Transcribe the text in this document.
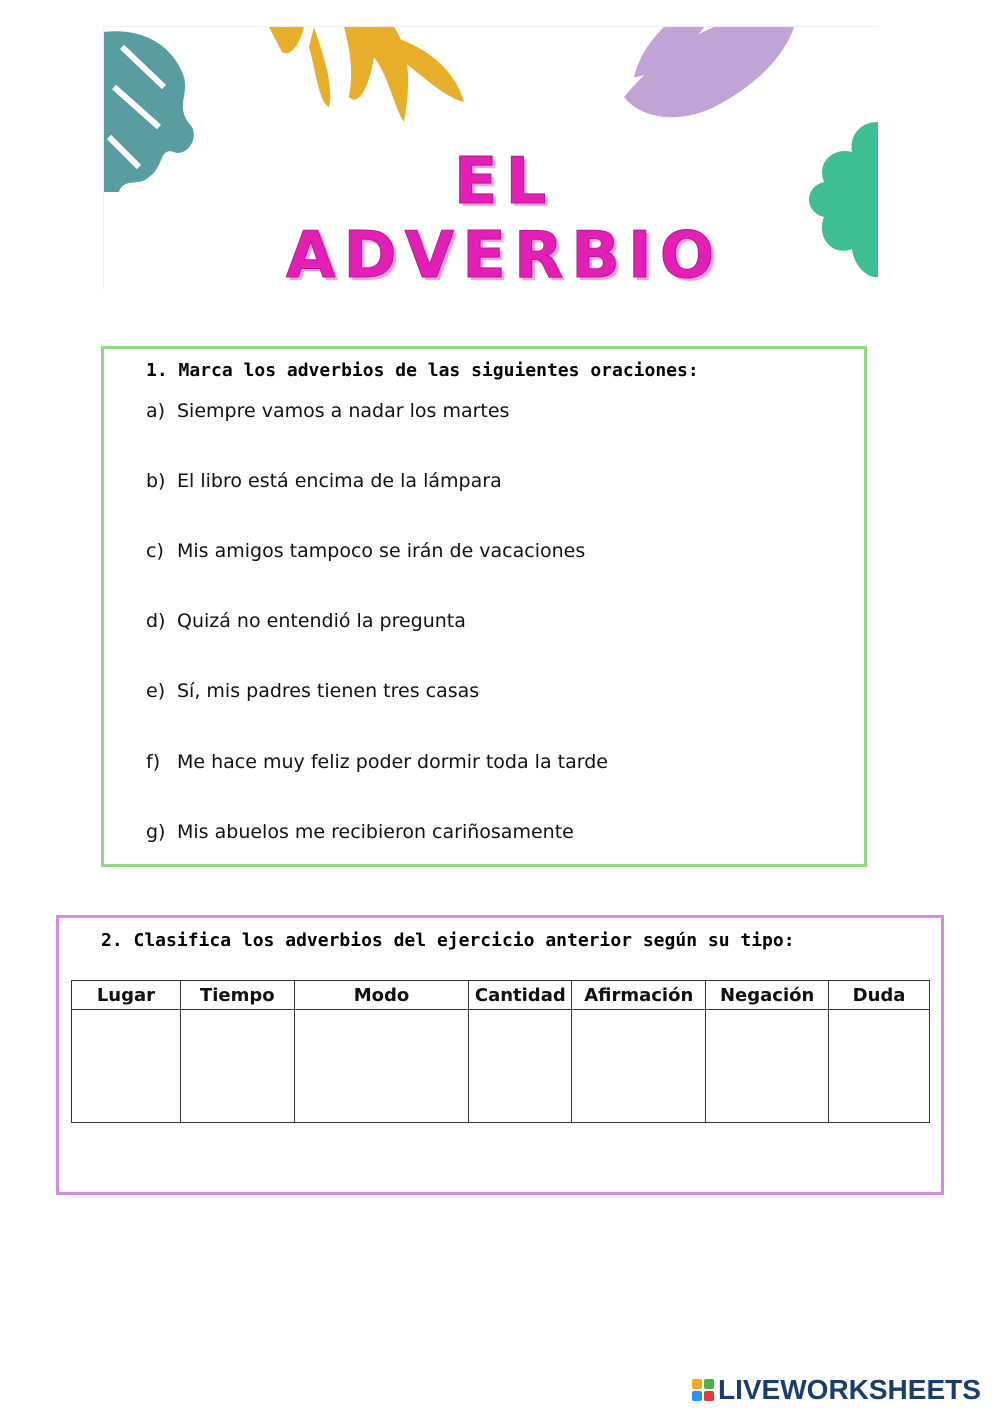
EL ADVERBIO
1. Marca los adverbios de las siguientes oraciones:
a) Siempre vamos a nadar los martes
b) El libro está encima de la lámpara
c) Mis amigos tampoco se irán de vacaciones
d) Quizá no entendió la pregunta
e) Sí, mis padres tienen tres casas
f) Me hace muy feliz poder dormir toda la tarde
g) Mis abuelos me recibieron cariñosamente
2. Clasifica los adverbios del ejercicio anterior según su tipo:
Lugar	Tiempo	Modo	Cantidad	Afirmación	Negación	Duda

LIVEWORKSHEETS
